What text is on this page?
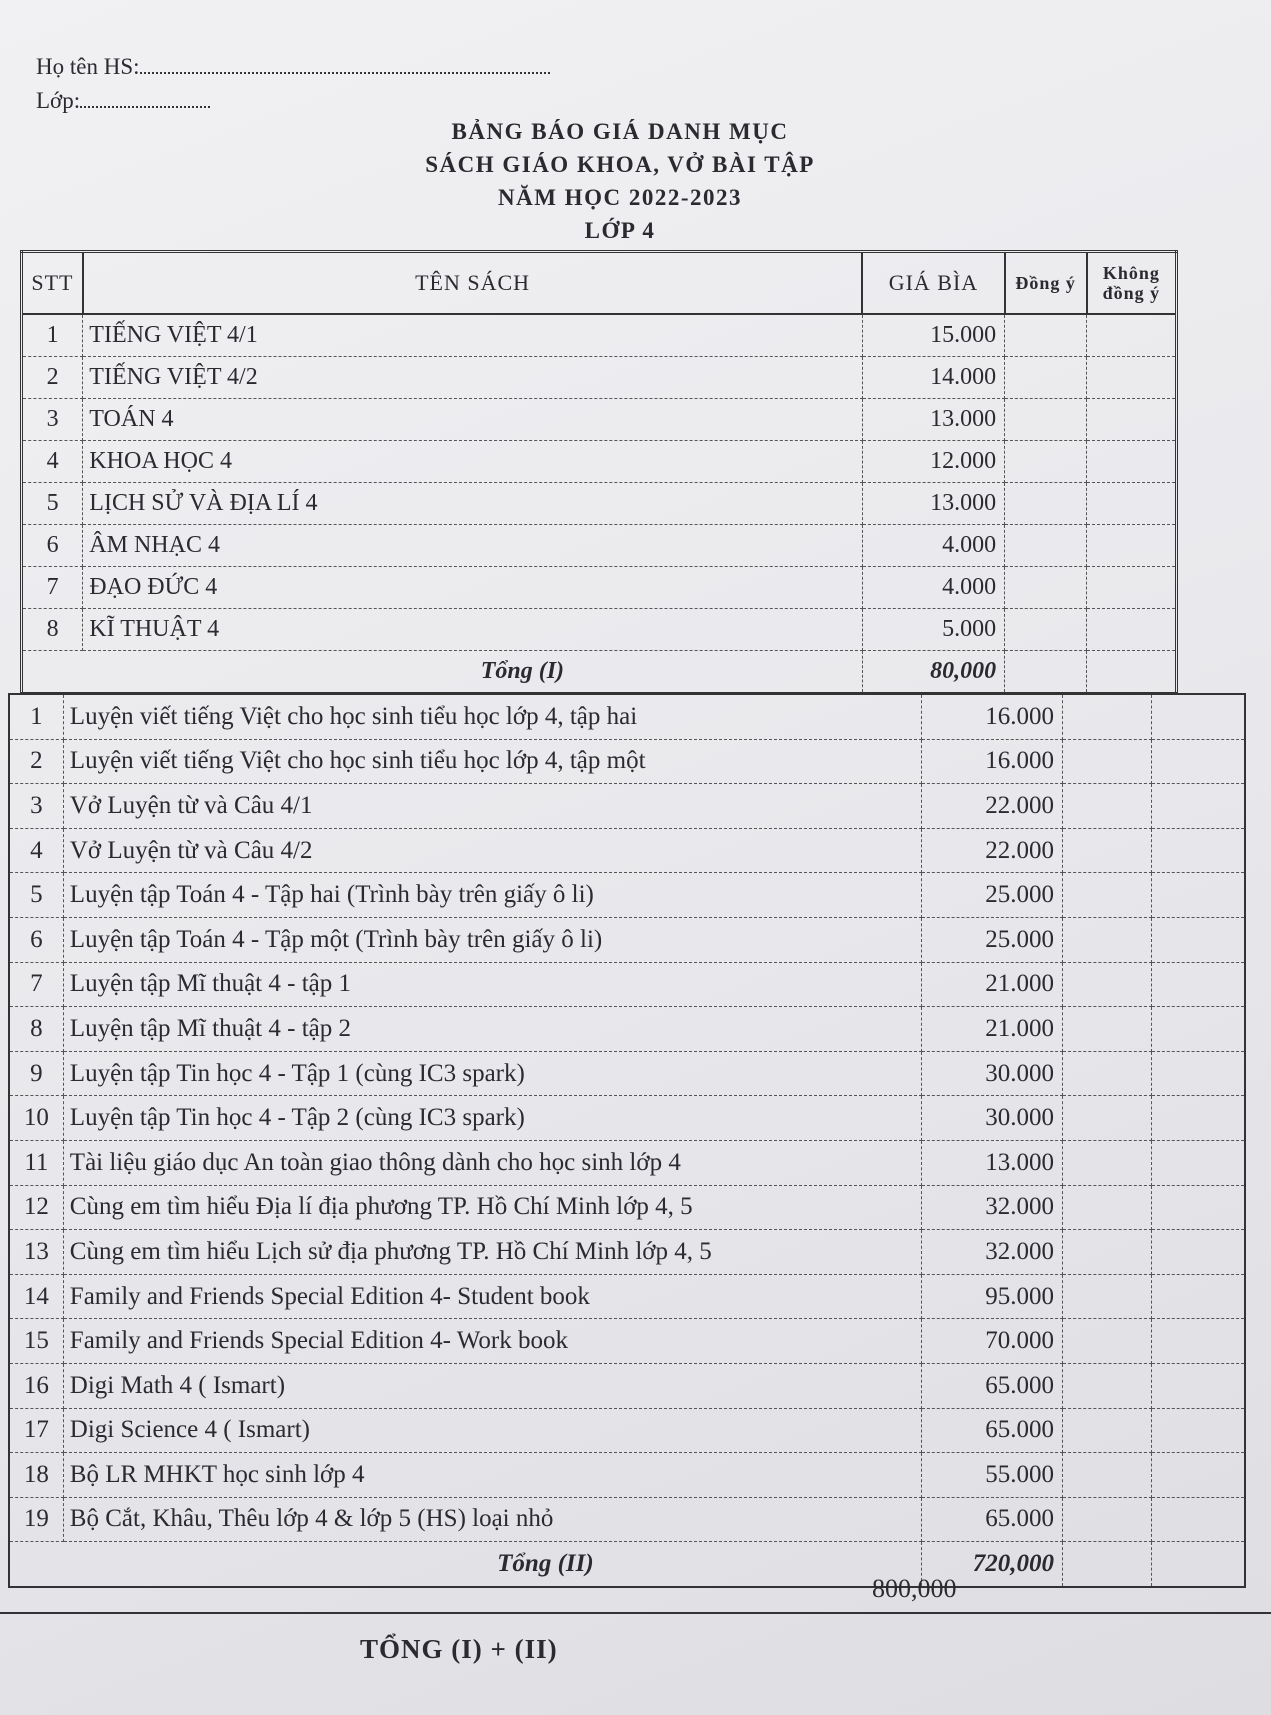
Họ tên HS:
Lớp:
BẢNG BÁO GIÁ DANH MỤC
SÁCH GIÁO KHOA, VỞ BÀI TẬP
NĂM HỌC 2022-2023
LỚP 4
STT	TÊN SÁCH	GIÁ BÌA	Đồng ý	Không đồng ý
1	TIẾNG VIỆT 4/1	15.000		
2	TIẾNG VIỆT 4/2	14.000		
3	TOÁN 4	13.000		
4	KHOA HỌC 4	12.000		
5	LỊCH SỬ VÀ ĐỊA LÍ 4	13.000		
6	ÂM NHẠC 4	4.000		
7	ĐẠO ĐỨC 4	4.000		
8	KĨ THUẬT 4	5.000		
Tổng (I)		80,000		
1	Luyện viết tiếng Việt cho học sinh tiểu học lớp 4, tập hai	16.000		
2	Luyện viết tiếng Việt cho học sinh tiểu học lớp 4, tập một	16.000		
3	Vở Luyện từ và Câu 4/1	22.000		
4	Vở Luyện từ và Câu 4/2	22.000		
5	Luyện tập Toán 4 - Tập hai (Trình bày trên giấy ô li)	25.000		
6	Luyện tập Toán 4 - Tập một (Trình bày trên giấy ô li)	25.000		
7	Luyện tập Mĩ thuật 4 - tập 1	21.000		
8	Luyện tập Mĩ thuật 4 - tập 2	21.000		
9	Luyện tập Tin học 4 - Tập 1 (cùng IC3 spark)	30.000		
10	Luyện tập Tin học 4 - Tập 2 (cùng IC3 spark)	30.000		
11	Tài liệu giáo dục An toàn giao thông dành cho học sinh lớp 4	13.000		
12	Cùng em tìm hiểu Địa lí địa phương TP. Hồ Chí Minh lớp 4, 5	32.000		
13	Cùng em tìm hiểu Lịch sử địa phương TP. Hồ Chí Minh lớp 4, 5	32.000		
14	Family and Friends Special Edition 4- Student book	95.000		
15	Family and Friends Special Edition 4- Work book	70.000		
16	Digi Math 4 ( Ismart)	65.000		
17	Digi Science 4 ( Ismart)	65.000		
18	Bộ LR MHKT học sinh lớp 4	55.000		
19	Bộ Cắt, Khâu, Thêu lớp 4 & lớp 5 (HS) loại nhỏ	65.000		
Tổng (II)		720,000		
TỔNG (I) + (II)
800,000
